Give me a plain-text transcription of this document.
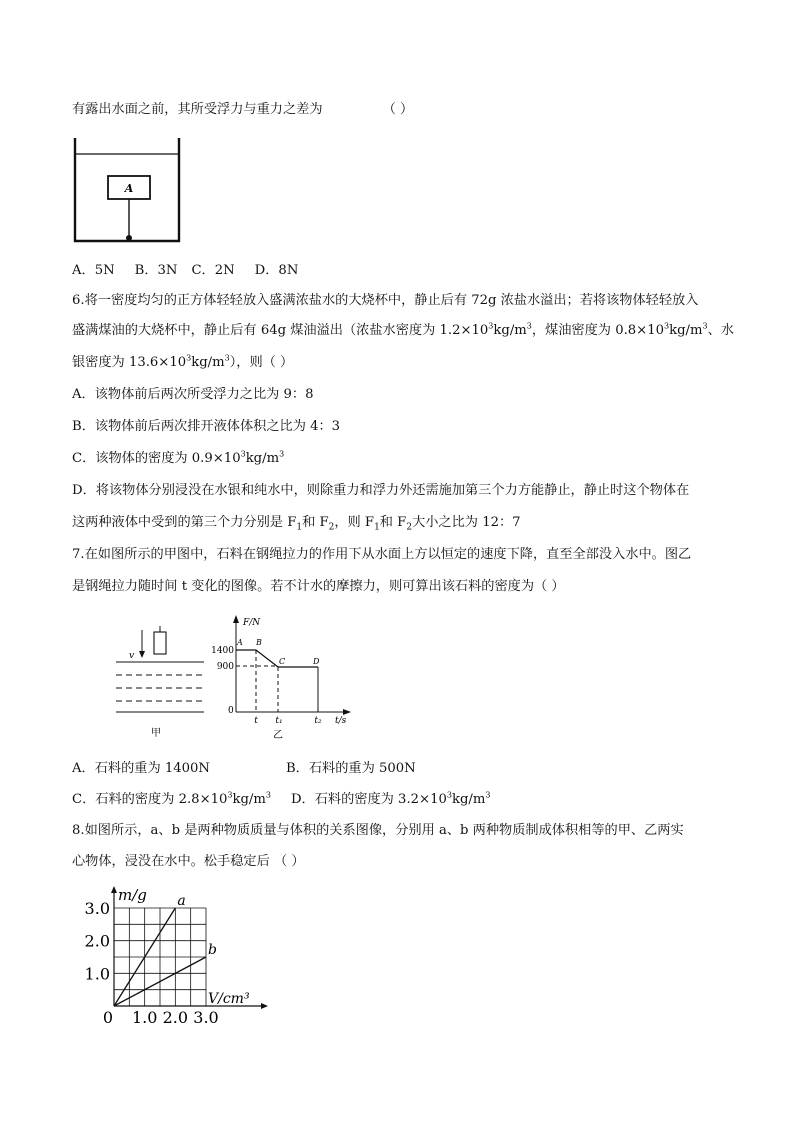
有露出水面之前，其所受浮力与重力之差为	（ ）
A
A．5N B．3N C．2N D．8N
6.将一密度均匀的正方体轻轻放入盛满浓盐水的大烧杯中，静止后有 72g 浓盐水溢出；若将该物体轻轻放入
盛满煤油的大烧杯中，静止后有 64g 煤油溢出（浓盐水密度为 $1.2\times 10^3kg/m^3$，煤油密度为 $0.8\times 10^3kg/m^3$、水
银密度为 $13.6\times 10^3kg/m^3$），则（ ）
A．该物体前后两次所受浮力之比为 9：8
B．该物体前后两次排开液体体积之比为 4：3
C．该物体的密度为 $0.9\times 10^3kg/m^3$
D．将该物体分别浸没在水银和纯水中，则除重力和浮力外还需施加第三个力方能静止，静止时这个物体在
这两种液体中受到的第三个力分别是 $F_1$和 $F_2$，则 $F_1$和 $F_2$大小之比为 12：7
7.在如图所示的甲图中，石料在钢绳拉力的作用下从水面上方以恒定的速度下降，直至全部没入水中。图乙
是钢绳拉力随时间 t 变化的图像。若不计水的摩擦力，则可算出该石料的密度为（ ）
v
甲
F/N
t/s
1400
900
0
A B
C	D
t t₁	t₂
乙
A．石料的重为 1400N	B．石料的重为 500N
C．石料的密度为 $2.8\times 10^3kg/m^3$ D．石料的密度为 $3.2\times 10^3kg/m^3$
8.如图所示，a、b 是两种物质质量与体积的关系图像，分别用 a、b 两种物质制成体积相等的甲、乙两实
心物体，浸没在水中。松手稳定后 （ ）
a
b
1.0
2.0
3.0
0 1.0 2.0 3.0
m/g
V/cm³
